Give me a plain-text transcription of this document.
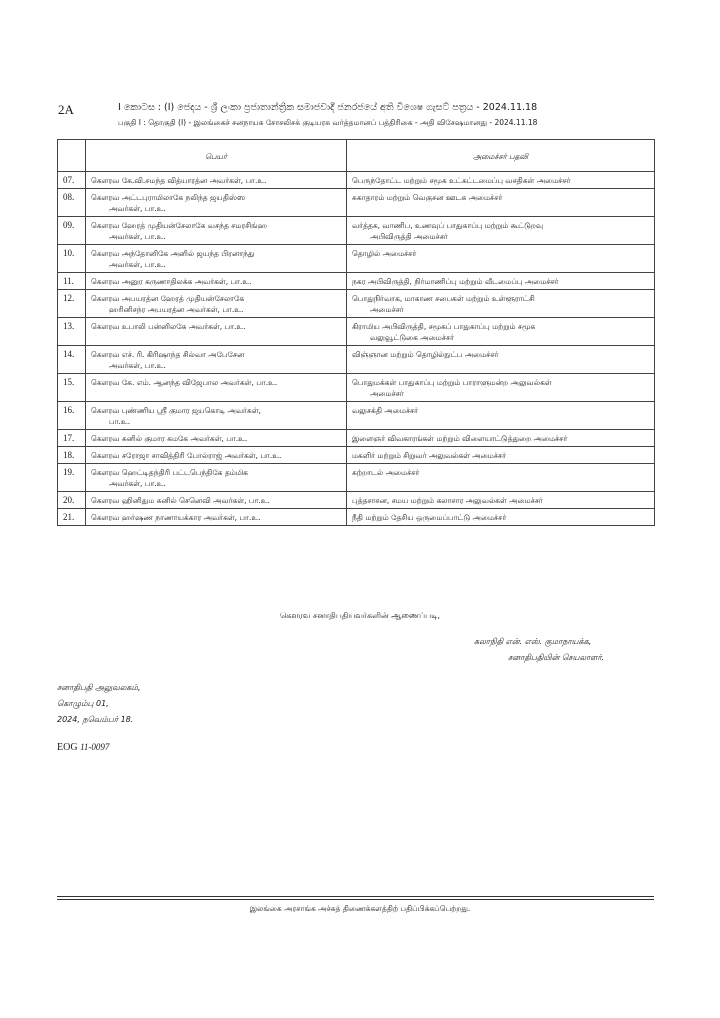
2A	I කොටස : (I) ජෙදය - ශ්‍රී ලංකා ප්‍රජාතාන්ත්‍රික සමාජවාදී ජනරජයේ අති විශෙෂ ගැසට් පත්‍රය - 2024.11.18
பகுதி I : தொகுதி (I) - இலங்கைச் சனநாயக சோசலிசக் குடியரசு வர்த்தமானப் பத்திரிகை - அதி விசேஷமானது - 2024.11.18
	பெயர்	அமைச்சர் பதவி
07.	கௌரவ கே.வி.சமந்த வித்யாரத்ன அவர்கள், பா.உ.	பெருந்தோட்ட மற்றும் சமூக உட்கட்டமைப்பு வசதிகள் அமைச்சர்
08.	கௌரவ அட்டபுராமிலாகே நலிந்த ஜயதிஸ்ஸ
அவர்கள், பா.உ.	சுகாதாரம் மற்றும் வெகுசன ஊடக அமைச்சர்
09.	கௌரவ ஹேரத் முதியன்சேலாகே வசந்த சமரசிங்ஹ
அவர்கள், பா.உ.	வர்த்தக, வாணிப, உணவுப் பாதுகாப்பு மற்றும் கூட்டுறவு
அபிவிருத்தி அமைச்சர்

10.	கௌரவ அந்தோனிகே அனில் ஜயந்த பிரனாந்து
அவர்கள், பா.உ.	தொழில் அமைச்சர்
11.	கௌரவ அனுர கருணாதிலக்க அவர்கள், பா.உ.	நகர அபிவிருத்தி, நிர்மாணிப்பு மற்றும் வீடமைப்பு அமைச்சர்
12.	கௌரவ அபயரத்ன ஹேரத் முதியன்சேலாகே
ஹரினிசந்ர அபயரத்ன அவர்கள், பா.உ.	பொதுநிர்வாக, மாகாண சபைகள் மற்றும் உள்ளூராட்சி
அமைச்சர்

13.	கௌரவ உபாலி பன்னிலகே அவர்கள், பா.உ.	கிராமிய அபிவிருத்தி, சமூகப் பாதுகாப்பு மற்றும் சமூக
வலுவூட்டுகை அமைச்சர்

14.	கௌரவ எச். ரி. கிரிஷாந்த சில்வா அபேசேன
அவர்கள், பா.உ.	விஞ்ஞான மற்றும் தொழில்நுட்ப அமைச்சர்
15.	கௌரவ கே. எம். ஆனந்த விஜேபால அவர்கள், பா.உ.	பொதுமக்கள் பாதுகாப்பு மற்றும் பாராளுமன்ற அலுவல்கள்
அமைச்சர்

16.	கௌரவ புண்ணிய ஸ்ரீ குமார ஜயகொடி அவர்கள்,
பா.உ.	வலுசக்தி அமைச்சர்
17.	கௌரவ சுனில் குமார கமகே அவர்கள், பா.உ.	இளைஞர் விவகாரங்கள் மற்றும் விளையாட்டுத்துறை அமைச்சர்
18.	கௌரவ சரோஜா சாவித்திரி போல்ராஜ் அவர்கள், பா.உ.	மகளிர் மற்றும் சிறுவர் அலுவல்கள் அமைச்சர்
19.	கௌரவ ஹெட்டிதந்திரி பட்டபெந்திகே தம்மிக
அவர்கள், பா.உ.	சுற்றாடல் அமைச்சர்
20.	கௌரவ ஹினிதும சுனில் செனெவி அவர்கள், பா.உ.	புத்தசாசன, சமய மற்றும் கலாசார அலுவல்கள் அமைச்சர்
21.	கௌரவ ஹர்ஷண நாணாயக்கார அவர்கள், பா.உ.	நீதி மற்றும் தேசிய ஒருமைப்பாட்டு அமைச்சர்
கௌரவ சனாதிபதியவர்களின் ஆணைப்படி,
கலாநிதி என். எஸ். குமாநாயக்க,
சனாதிபதியின் செயலாளர்.
சனாதிபதி அலுவலகம்,
கொழும்பு 01,
2024, நவெம்பர் 18.
EOG 11-0097
இலங்கை அரசாங்க அச்சுத் திணைக்களத்திற் பதிப்பிக்கப்பெற்றது.
